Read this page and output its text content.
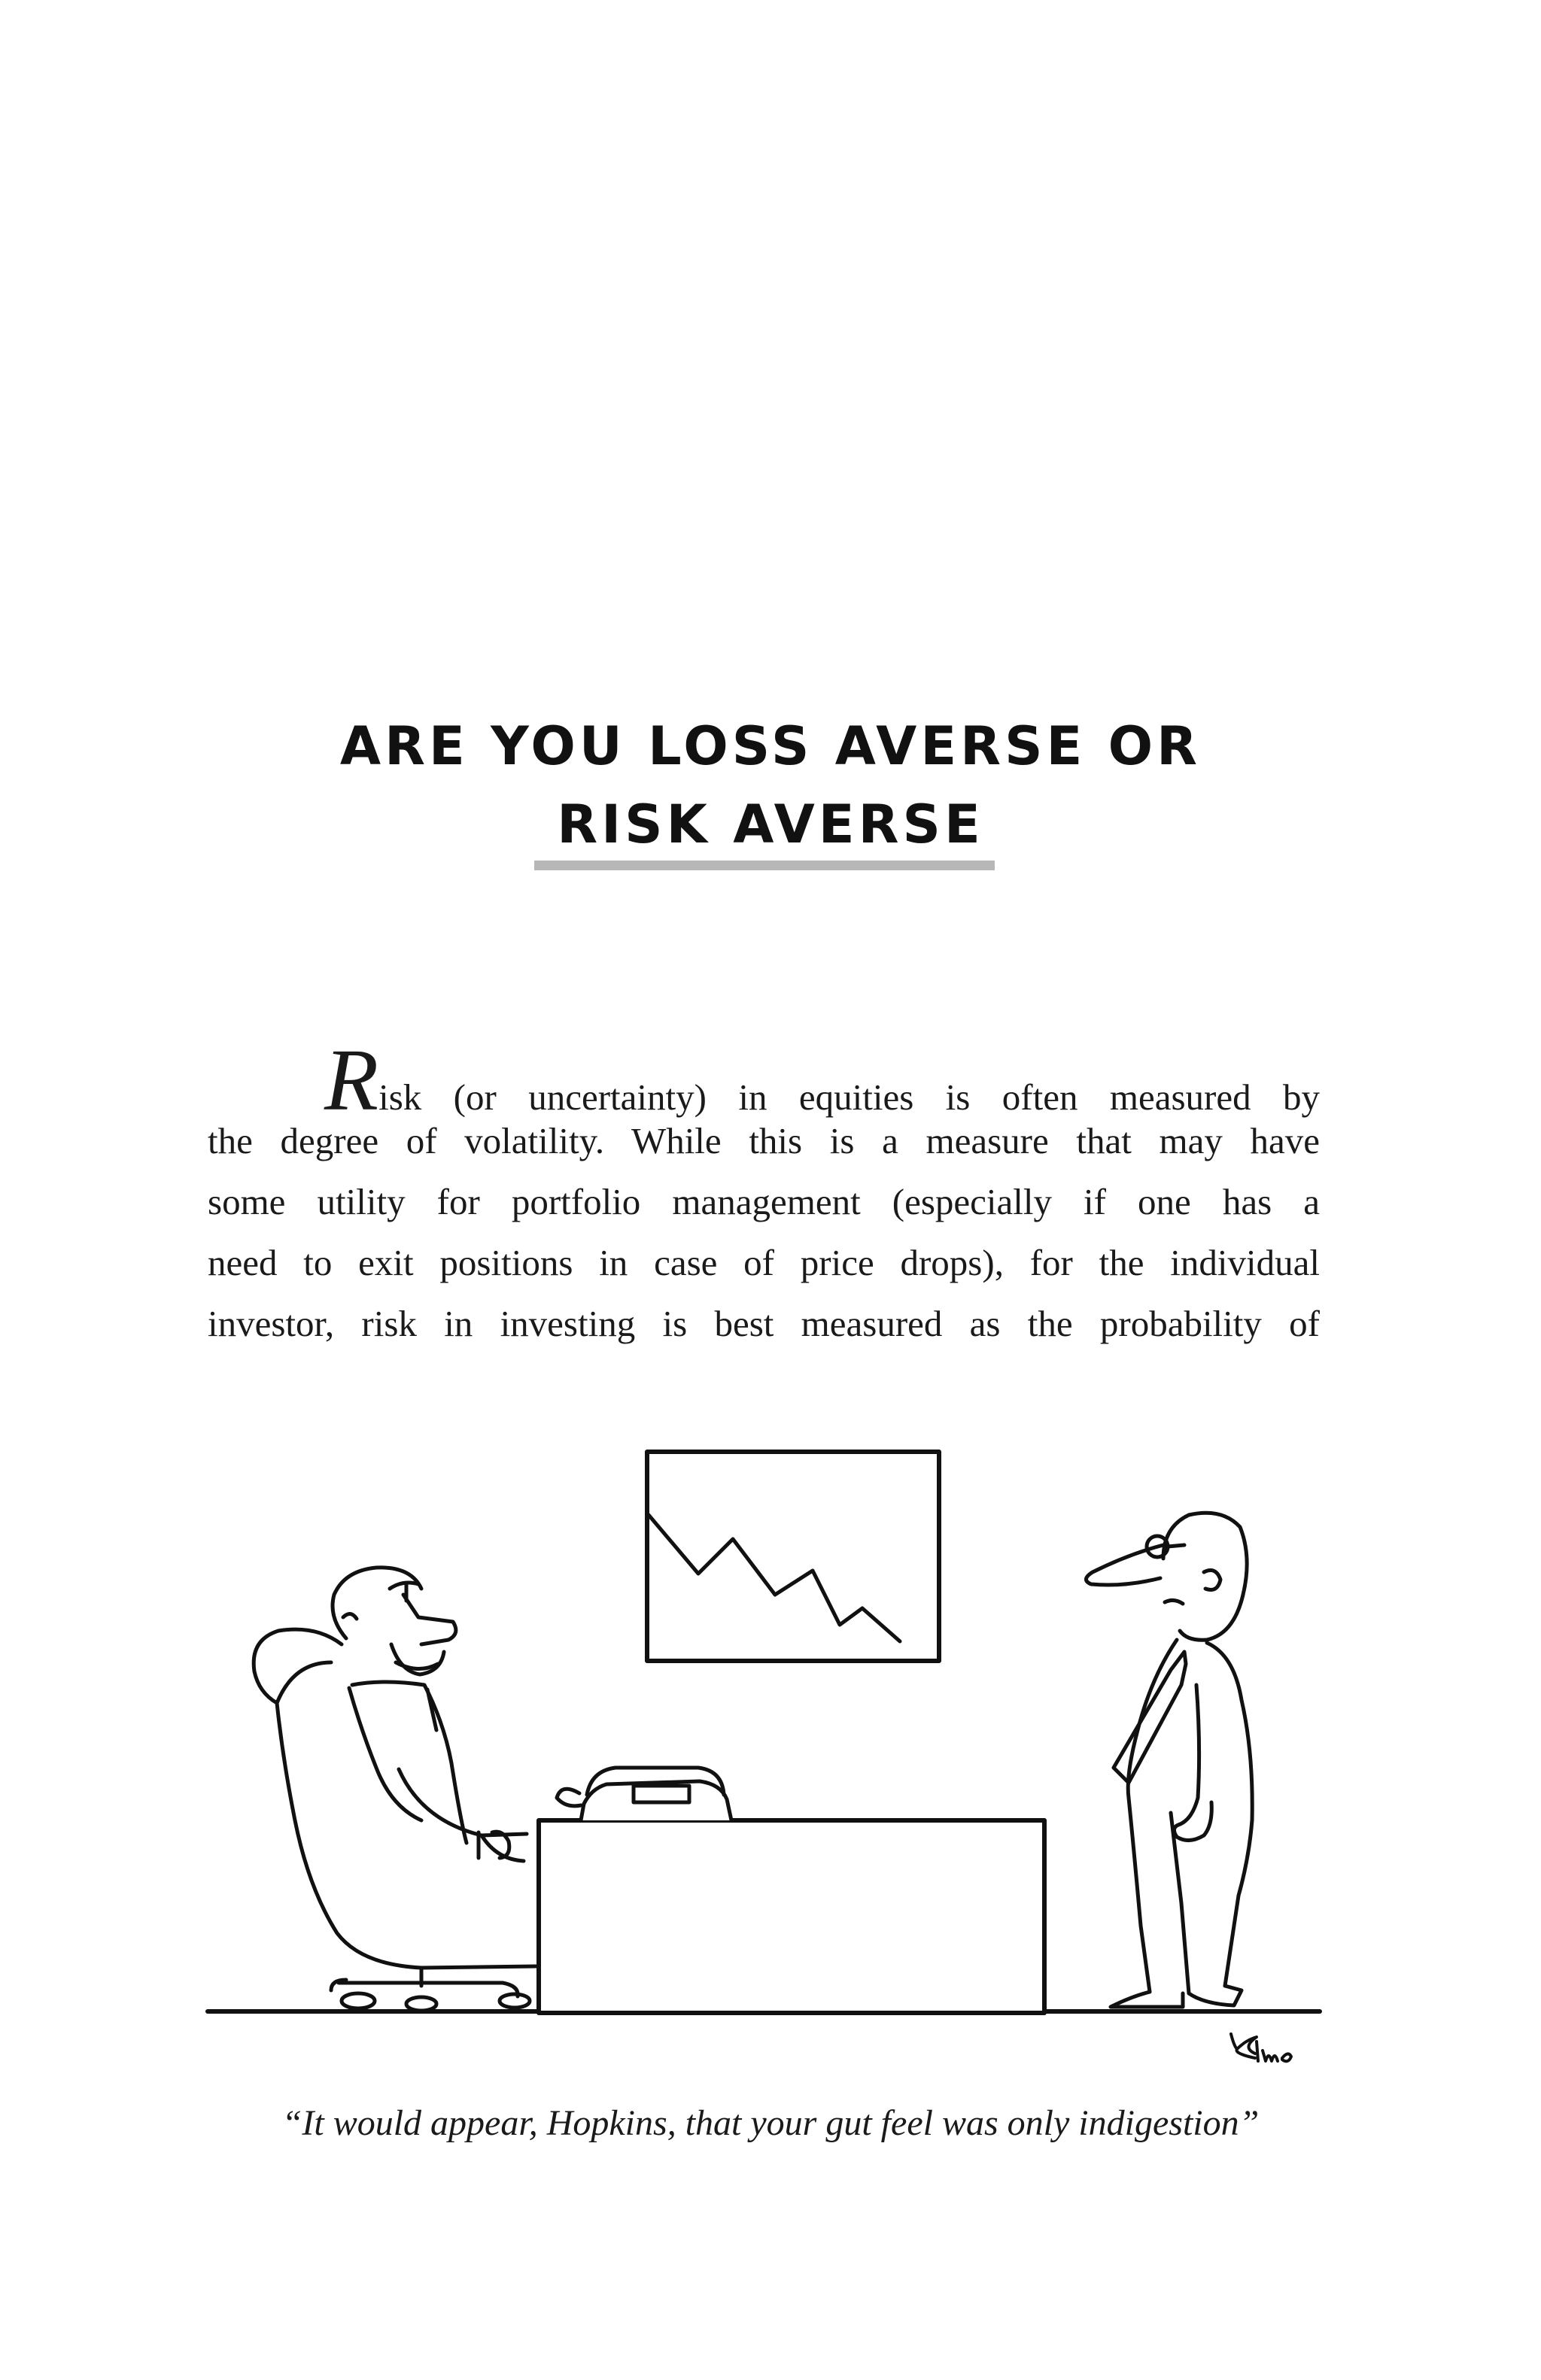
ARE YOU LOSS AVERSE OR
RISK AVERSE
Risk (or uncertainty) in equities is often measured by
the degree of volatility. While this is a measure that may have
some utility for portfolio management (especially if one has a
need to exit positions in case of price drops), for the individual
investor, risk in investing is best measured as the probability of
“It would appear, Hopkins, that your gut feel was only indigestion”
